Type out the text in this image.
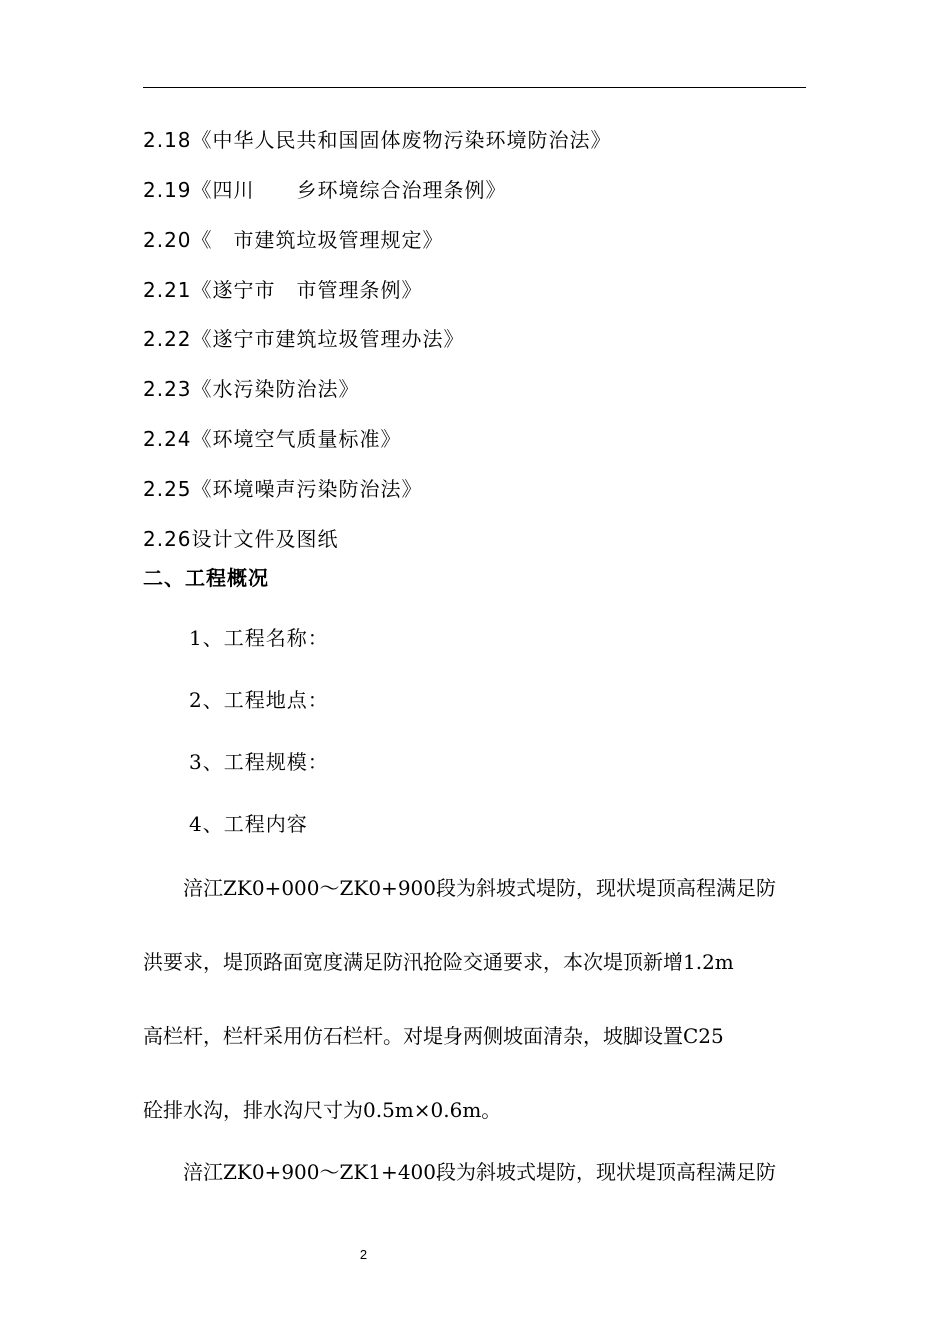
2.18《中华人民共和国固体废物污染环境防治法》
2.19《四川　　乡环境综合治理条例》
2.20《　市建筑垃圾管理规定》
2.21《遂宁市　市管理条例》
2.22《遂宁市建筑垃圾管理办法》
2.23《水污染防治法》
2.24《环境空气质量标准》
2.25《环境噪声污染防治法》
2.26设计文件及图纸
二、工程概况
1、工程名称：
2、工程地点：
3、工程规模：
4、工程内容
　　涪江ZK0+000～ZK0+900段为斜坡式堤防，现状堤顶高程满足防
洪要求，堤顶路面宽度满足防汛抢险交通要求，本次堤顶新增1.2m
高栏杆，栏杆采用仿石栏杆。对堤身两侧坡面清杂，坡脚设置C25
砼排水沟，排水沟尺寸为0.5m×0.6m。
　　涪江ZK0+900～ZK1+400段为斜坡式堤防，现状堤顶高程满足防
2
